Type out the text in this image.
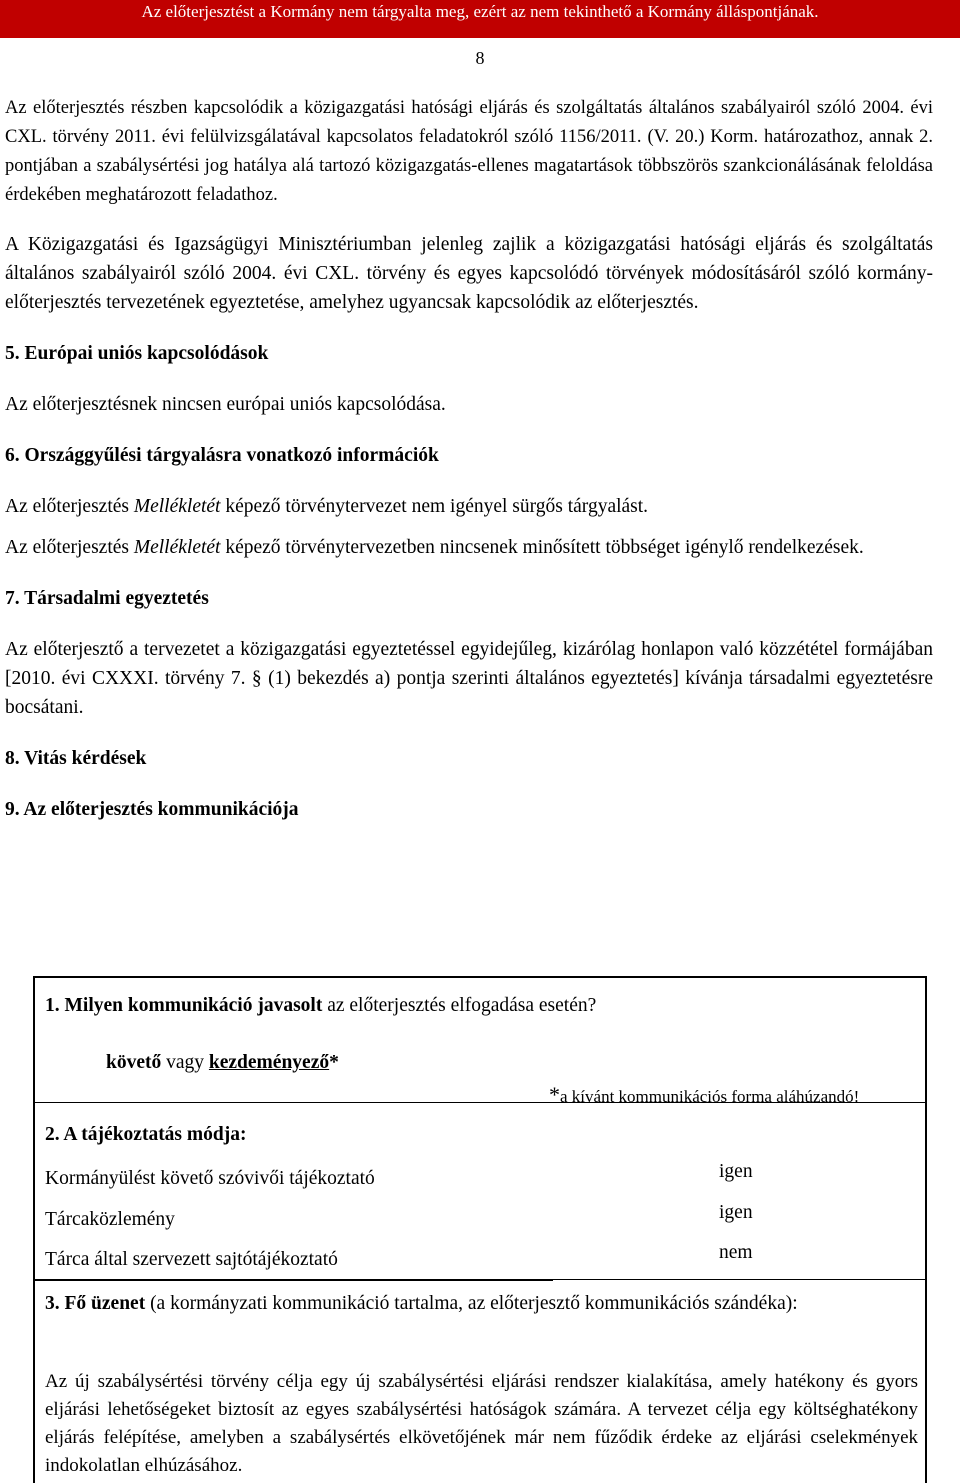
Az előterjesztést a Kormány nem tárgyalta meg, ezért az nem tekinthető a Kormány álláspontjának.
8

Az előterjesztés részben kapcsolódik a közigazgatási hatósági eljárás és szolgáltatás általános szabályairól szóló 2004. évi CXL. törvény 2011. évi felülvizsgálatával kapcsolatos feladatokról szóló 1156/2011. (V. 20.) Korm. határozathoz, annak 2. pontjában a szabálysértési jog hatálya alá tartozó közigazgatás-ellenes magatartások többszörös szankcionálásának feloldása érdekében meghatározott feladathoz.

A Közigazgatási és Igazságügyi Minisztériumban jelenleg zajlik a közigazgatási hatósági eljárás és szolgáltatás általános szabályairól szóló 2004. évi CXL. törvény és egyes kapcsolódó törvények módosításáról szóló kormány-előterjesztés tervezetének egyeztetése, amelyhez ugyancsak kapcsolódik az előterjesztés.

5. Európai uniós kapcsolódások

Az előterjesztésnek nincsen európai uniós kapcsolódása.

6. Országgyűlési tárgyalásra vonatkozó információk

Az előterjesztés Mellékletét képező törvénytervezet nem igényel sürgős tárgyalást.

Az előterjesztés Mellékletét képező törvénytervezetben nincsenek minősített többséget igénylő rendelkezések.

7. Társadalmi egyeztetés

Az előterjesztő a tervezetet a közigazgatási egyeztetéssel egyidejűleg, kizárólag honlapon való közzététel formájában [2010. évi CXXXI. törvény 7. § (1) bekezdés a) pontja szerinti általános egyeztetés] kívánja társadalmi egyeztetésre bocsátani.

8. Vitás kérdések

9. Az előterjesztés kommunikációja

1. Milyen kommunikáció javasolt az előterjesztés elfogadása esetén?
követő vagy kezdeményező*
*a kívánt kommunikációs forma aláhúzandó!
2. A tájékoztatás módja:
Kormányülést követő szóvivői tájékoztató	igen
Tárcaközlemény	igen
Tárca által szervezett sajtótájékoztató	nem
3. Fő üzenet (a kormányzati kommunikáció tartalma, az előterjesztő kommunikációs szándéka):
Az új szabálysértési törvény célja egy új szabálysértési eljárási rendszer kialakítása, amely hatékony és gyors eljárási lehetőségeket biztosít az egyes szabálysértési hatóságok számára. A tervezet célja egy költséghatékony eljárás felépítése, amelyben a szabálysértés elkövetőjének már nem fűződik érdeke az eljárási cselekmények indokolatlan elhúzásához.
